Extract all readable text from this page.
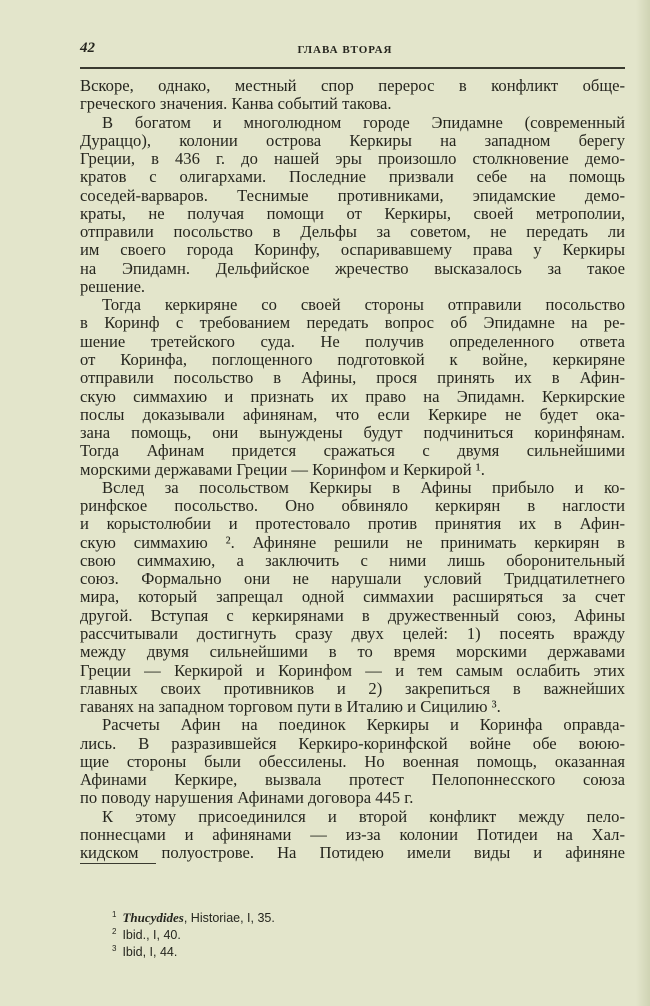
42	ГЛАВА ВТОРАЯ
Вскоре, однако, местный спор перерос в конфликт обще-
греческого значения. Канва событий такова.
В богатом и многолюдном городе Эпидамне (современный
Дураццо), колонии острова Керкиры на западном берегу
Греции, в 436 г. до нашей эры произошло столкновение демо-
кратов с олигархами. Последние призвали себе на помощь
соседей-варваров. Теснимые противниками, эпидамские демо-
краты, не получая помощи от Керкиры, своей метрополии,
отправили посольство в Дельфы за советом, не передать ли
им своего города Коринфу, оспаривавшему права у Керкиры
на Эпидамн. Дельфийское жречество высказалось за такое
решение.
Тогда керкиряне со своей стороны отправили посольство
в Коринф с требованием передать вопрос об Эпидамне на ре-
шение третейского суда. Не получив определенного ответа
от Коринфа, поглощенного подготовкой к войне, керкиряне
отправили посольство в Афины, прося принять их в Афин-
скую симмахию и признать их право на Эпидамн. Керкирские
послы доказывали афинянам, что если Керкире не будет ока-
зана помощь, они вынуждены будут подчиниться коринфянам.
Тогда Афинам придется сражаться с двумя сильнейшими
морскими державами Греции — Коринфом и Керкирой ¹.
Вслед за посольством Керкиры в Афины прибыло и ко-
ринфское посольство. Оно обвиняло керкирян в наглости
и корыстолюбии и протестовало против принятия их в Афин-
скую симмахию ². Афиняне решили не принимать керкирян в
свою симмахию, а заключить с ними лишь оборонительный
союз. Формально они не нарушали условий Тридцатилетнего
мира, который запрещал одной симмахии расширяться за счет
другой. Вступая с керкирянами в дружественный союз, Афины
рассчитывали достигнуть сразу двух целей: 1) посеять вражду
между двумя сильнейшими в то время морскими державами
Греции — Керкирой и Коринфом — и тем самым ослабить этих
главных своих противников и 2) закрепиться в важнейших
гаванях на западном торговом пути в Италию и Сицилию ³.
Расчеты Афин на поединок Керкиры и Коринфа оправда-
лись. В разразившейся Керкиро-коринфской войне обе воюю-
щие стороны были обессилены. Но военная помощь, оказанная
Афинами Керкире, вызвала протест Пелопоннесского союза
по поводу нарушения Афинами договора 445 г.
К этому присоединился и второй конфликт между пело-
поннесцами и афинянами — из-за колонии Потидеи на Хал-
кидском полуострове. На Потидею имели виды и афиняне
$^1$ Thucydides, Historiae, I, 35.
$^2$ Ibid., I, 40.
$^3$ Ibid, I, 44.
